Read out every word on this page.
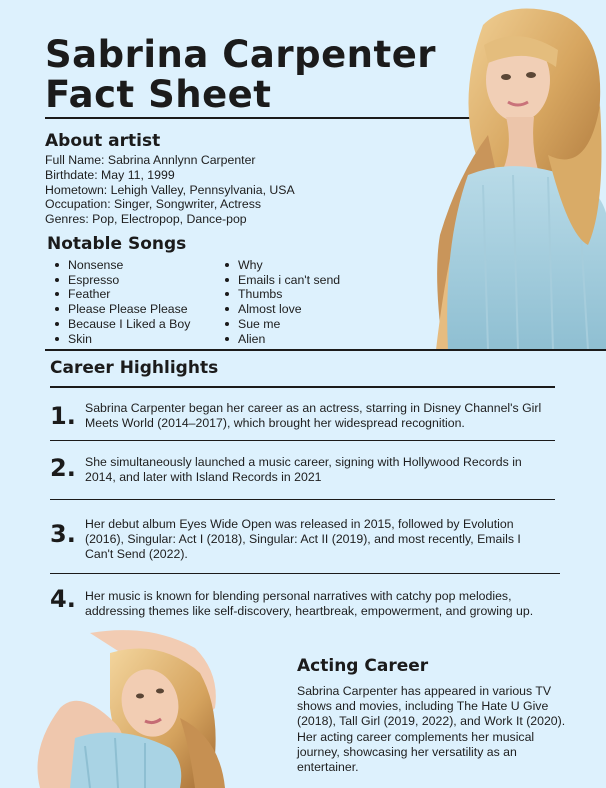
Sabrina Carpenter
Fact Sheet
About artist
Full Name: Sabrina Annlynn Carpenter
Birthdate: May 11, 1999
Hometown: Lehigh Valley, Pennsylvania, USA
Occupation: Singer, Songwriter, Actress
Genres: Pop, Electropop, Dance-pop
Notable Songs
Nonsense
Espresso
Feather
Please Please Please
Because I Liked a Boy
Skin
Why
Emails i can't send
Thumbs
Almost love
Sue me
Alien
Career Highlights
1. Sabrina Carpenter began her career as an actress, starring in Disney Channel's Girl Meets World (2014–2017), which brought her widespread recognition.
2. She simultaneously launched a music career, signing with Hollywood Records in 2014, and later with Island Records in 2021
3. Her debut album Eyes Wide Open was released in 2015, followed by Evolution (2016), Singular: Act I (2018), Singular: Act II (2019), and most recently, Emails I Can't Send (2022).
4. Her music is known for blending personal narratives with catchy pop melodies, addressing themes like self-discovery, heartbreak, empowerment, and growing up.
Acting Career
Sabrina Carpenter has appeared in various TV shows and movies, including The Hate U Give (2018), Tall Girl (2019, 2022), and Work It (2020). Her acting career complements her musical journey, showcasing her versatility as an entertainer.
